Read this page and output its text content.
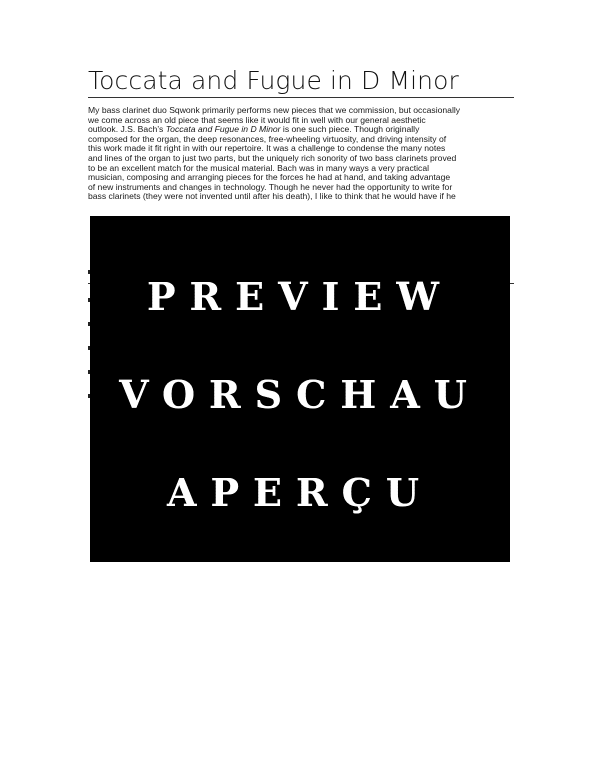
Toccata and Fugue in D Minor
My bass clarinet duo Sqwonk primarily performs new pieces that we commission, but occasionally
we come across an old piece that seems like it would fit in well with our general aesthetic
outlook. J.S. Bach’s Toccata and Fugue in D Minor is one such piece. Though originally
composed for the organ, the deep resonances, free-wheeling virtuosity, and driving intensity of
this work made it fit right in with our repertoire. It was a challenge to condense the many notes
and lines of the organ to just two parts, but the uniquely rich sonority of two bass clarinets proved
to be an excellent match for the musical material. Bach was in many ways a very practical
musician, composing and arranging pieces for the forces he had at hand, and taking advantage
of new instruments and changes in technology. Though he never had the opportunity to write for
bass clarinets (they were not invented until after his death), I like to think that he would have if he
PREVIEW
VORSCHAU
APERÇU
